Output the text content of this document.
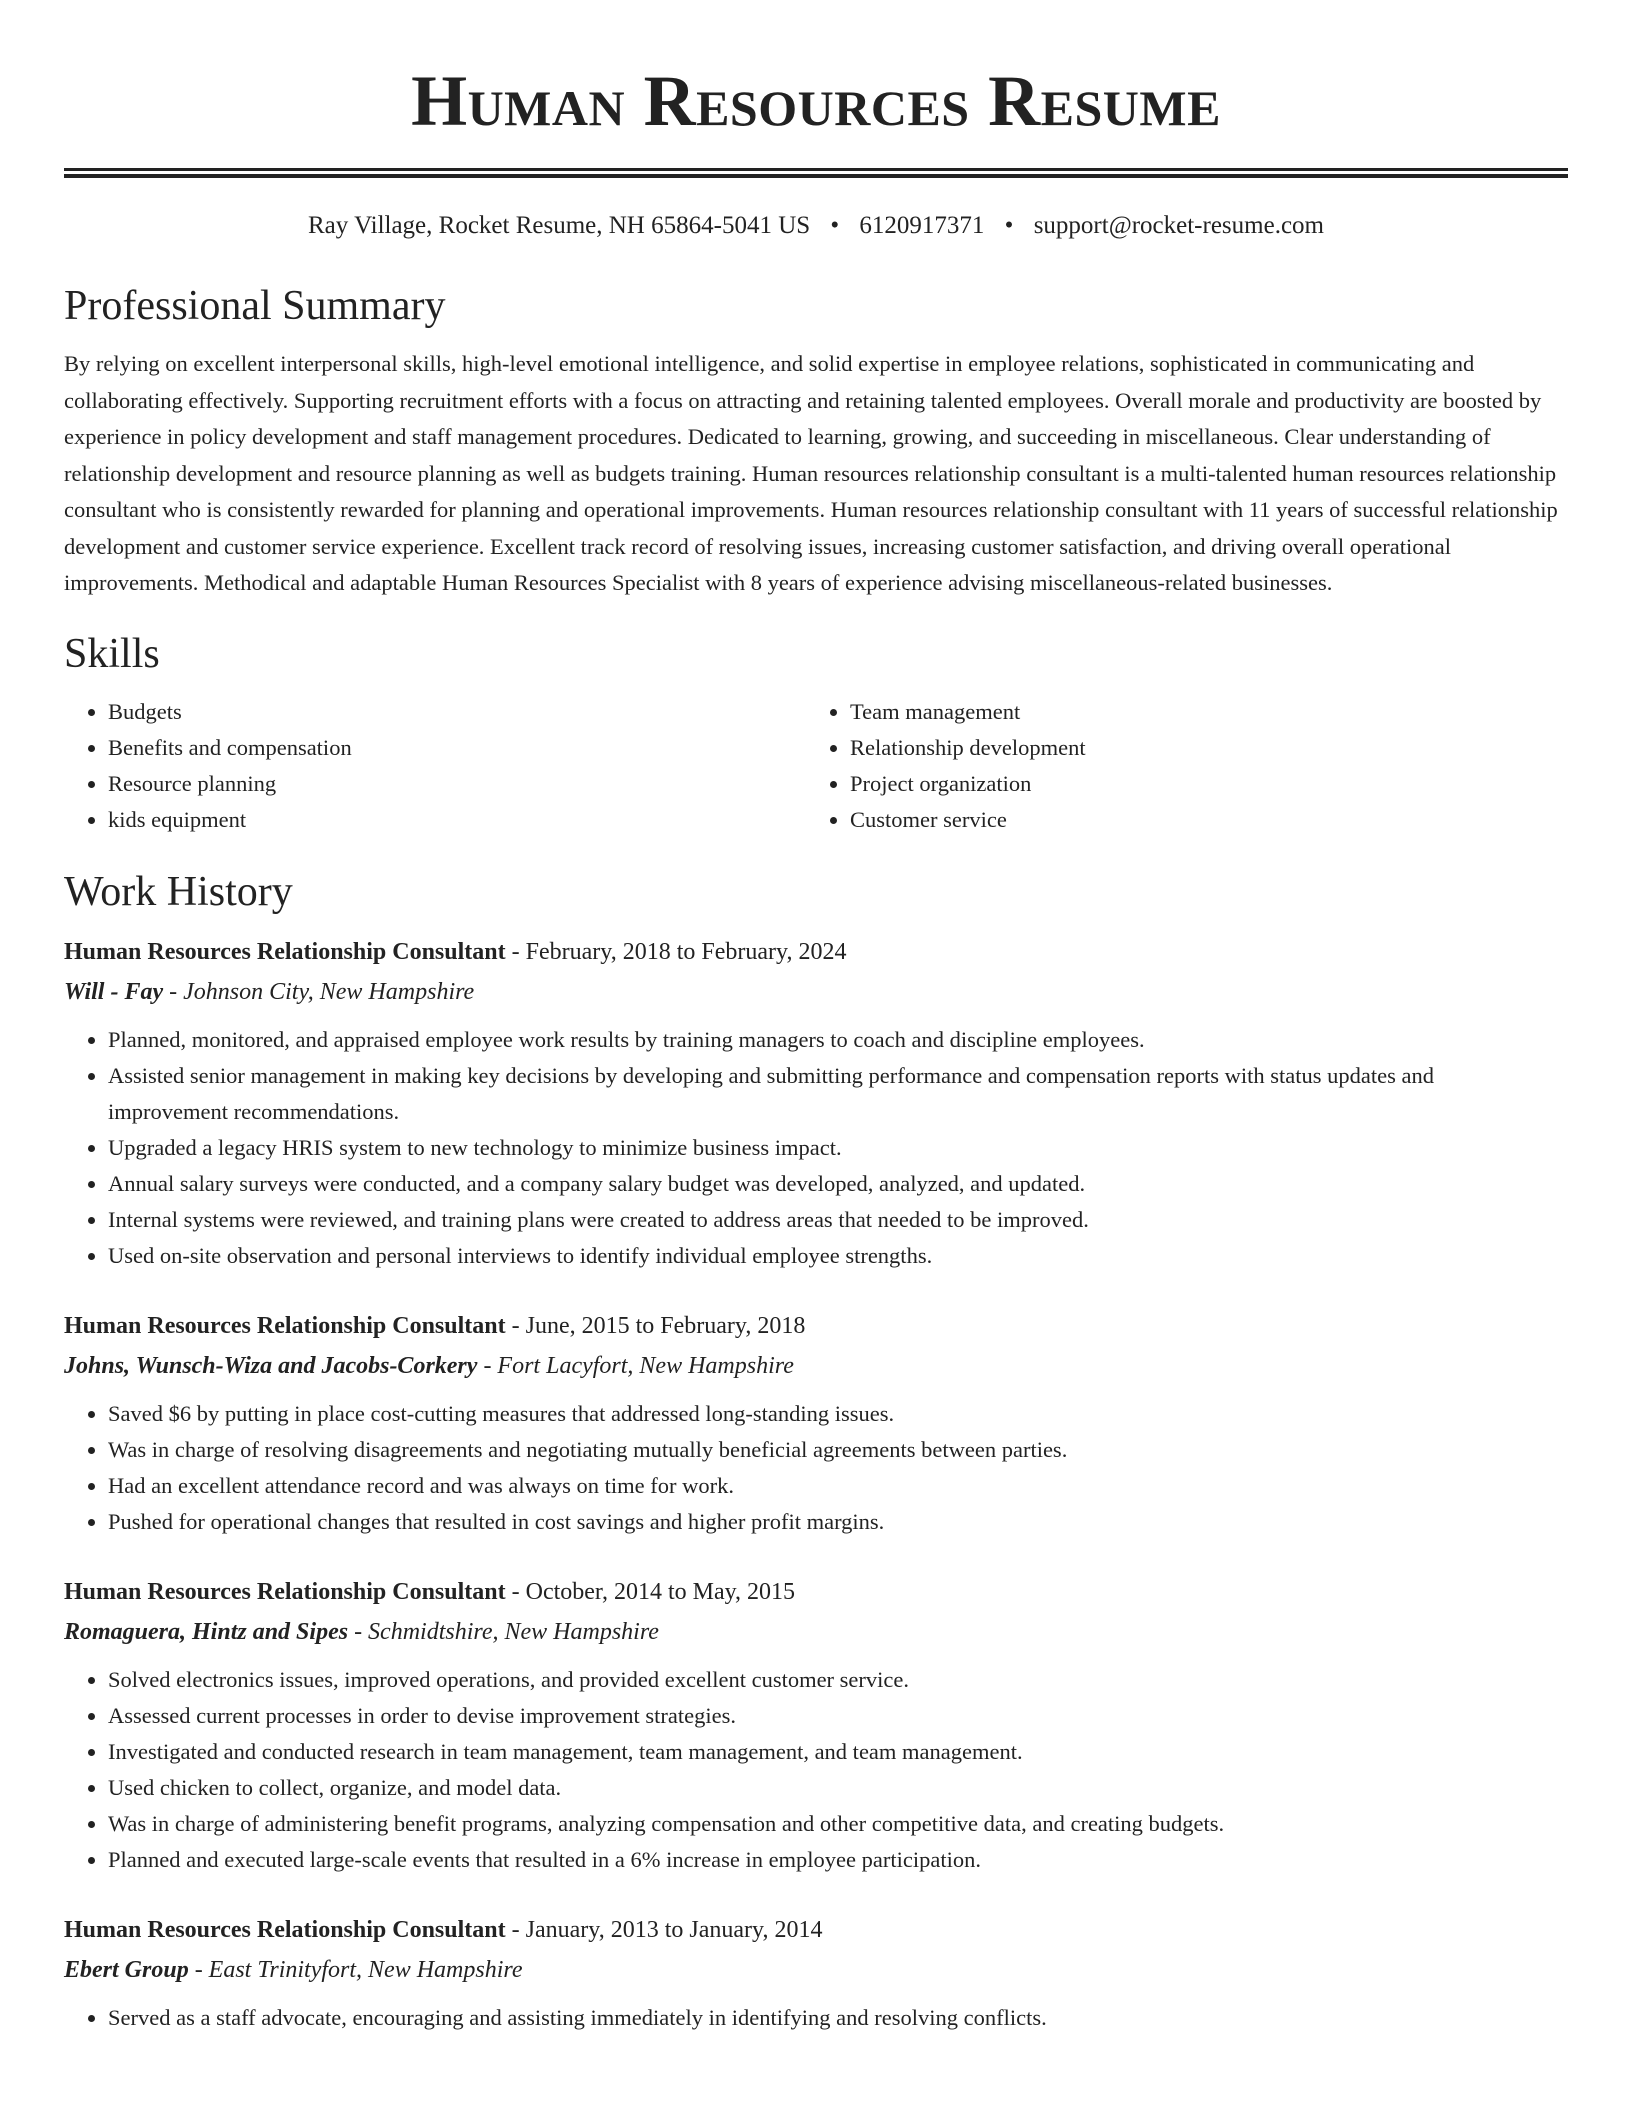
Human Resources Resume
Ray Village, Rocket Resume, NH 65864-5041 US • 6120917371 • support@rocket-resume.com
Professional Summary

By relying on excellent interpersonal skills, high-level emotional intelligence, and solid expertise in employee relations, sophisticated in communicating and collaborating effectively. Supporting recruitment efforts with a focus on attracting and retaining talented employees. Overall morale and productivity are boosted by experience in policy development and staff management procedures. Dedicated to learning, growing, and succeeding in miscellaneous. Clear understanding of relationship development and resource planning as well as budgets training. Human resources relationship consultant is a multi-talented human resources relationship consultant who is consistently rewarded for planning and operational improvements. Human resources relationship consultant with 11 years of successful relationship development and customer service experience. Excellent track record of resolving issues, increasing customer satisfaction, and driving overall operational improvements. Methodical and adaptable Human Resources Specialist with 8 years of experience advising miscellaneous-related businesses.

Skills
• Budgets
• Benefits and compensation
• Resource planning
• kids equipment
• Team management
• Relationship development
• Project organization
• Customer service
Work History
Human Resources Relationship Consultant - February, 2018 to February, 2024
Will - Fay - Johnson City, New Hampshire
• Planned, monitored, and appraised employee work results by training managers to coach and discipline employees.
• Assisted senior management in making key decisions by developing and submitting performance and compensation reports with status updates and improvement recommendations.
• Upgraded a legacy HRIS system to new technology to minimize business impact.
• Annual salary surveys were conducted, and a company salary budget was developed, analyzed, and updated.
• Internal systems were reviewed, and training plans were created to address areas that needed to be improved.
• Used on-site observation and personal interviews to identify individual employee strengths.
Human Resources Relationship Consultant - June, 2015 to February, 2018
Johns, Wunsch-Wiza and Jacobs-Corkery - Fort Lacyfort, New Hampshire
• Saved $6 by putting in place cost-cutting measures that addressed long-standing issues.
• Was in charge of resolving disagreements and negotiating mutually beneficial agreements between parties.
• Had an excellent attendance record and was always on time for work.
• Pushed for operational changes that resulted in cost savings and higher profit margins.
Human Resources Relationship Consultant - October, 2014 to May, 2015
Romaguera, Hintz and Sipes - Schmidtshire, New Hampshire
• Solved electronics issues, improved operations, and provided excellent customer service.
• Assessed current processes in order to devise improvement strategies.
• Investigated and conducted research in team management, team management, and team management.
• Used chicken to collect, organize, and model data.
• Was in charge of administering benefit programs, analyzing compensation and other competitive data, and creating budgets.
• Planned and executed large-scale events that resulted in a 6% increase in employee participation.
Human Resources Relationship Consultant - January, 2013 to January, 2014
Ebert Group - East Trinityfort, New Hampshire
• Served as a staff advocate, encouraging and assisting immediately in identifying and resolving conflicts.
